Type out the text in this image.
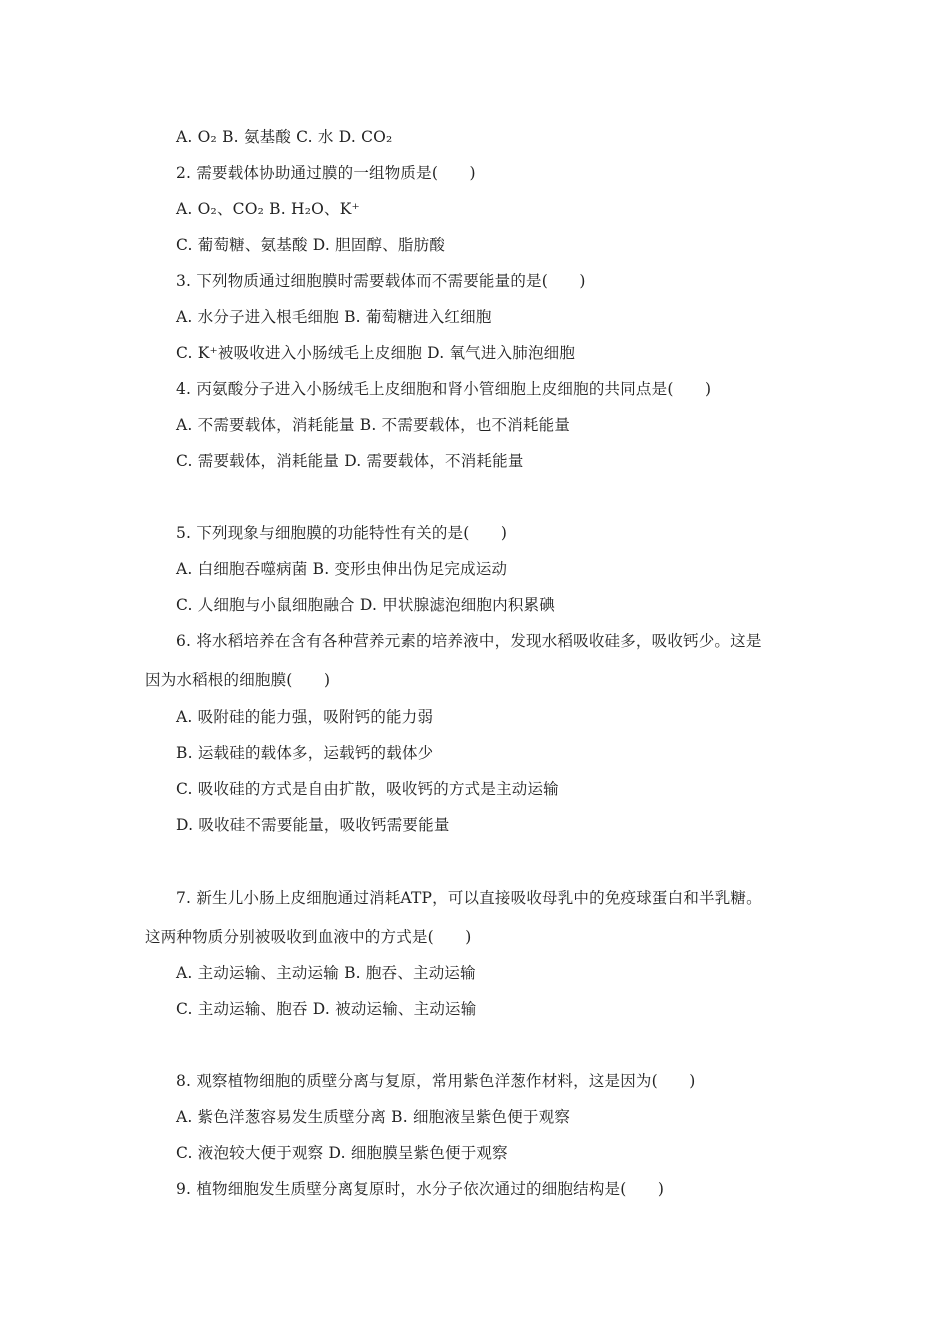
A. O₂ B. 氨基酸 C. 水 D. CO₂
2. 需要载体协助通过膜的一组物质是(　　)
A. O₂、CO₂ B. H₂O、K⁺
C. 葡萄糖、氨基酸 D. 胆固醇、脂肪酸
3. 下列物质通过细胞膜时需要载体而不需要能量的是(　　)
A. 水分子进入根毛细胞 B. 葡萄糖进入红细胞
C. K⁺被吸收进入小肠绒毛上皮细胞 D. 氧气进入肺泡细胞
4. 丙氨酸分子进入小肠绒毛上皮细胞和肾小管细胞上皮细胞的共同点是(　　)
A. 不需要载体，消耗能量 B. 不需要载体，也不消耗能量
C. 需要载体，消耗能量 D. 需要载体，不消耗能量
5. 下列现象与细胞膜的功能特性有关的是(　　)
A. 白细胞吞噬病菌 B. 变形虫伸出伪足完成运动
C. 人细胞与小鼠细胞融合 D. 甲状腺滤泡细胞内积累碘
6. 将水稻培养在含有各种营养元素的培养液中，发现水稻吸收硅多，吸收钙少。这是
因为水稻根的细胞膜(　　)
A. 吸附硅的能力强，吸附钙的能力弱
B. 运载硅的载体多，运载钙的载体少
C. 吸收硅的方式是自由扩散，吸收钙的方式是主动运输
D. 吸收硅不需要能量，吸收钙需要能量
7. 新生儿小肠上皮细胞通过消耗ATP，可以直接吸收母乳中的免疫球蛋白和半乳糖。
这两种物质分别被吸收到血液中的方式是(　　)
A. 主动运输、主动运输 B. 胞吞、主动运输
C. 主动运输、胞吞 D. 被动运输、主动运输
8. 观察植物细胞的质壁分离与复原，常用紫色洋葱作材料，这是因为(　　)
A. 紫色洋葱容易发生质壁分离 B. 细胞液呈紫色便于观察
C. 液泡较大便于观察 D. 细胞膜呈紫色便于观察
9. 植物细胞发生质壁分离复原时，水分子依次通过的细胞结构是(　　)
